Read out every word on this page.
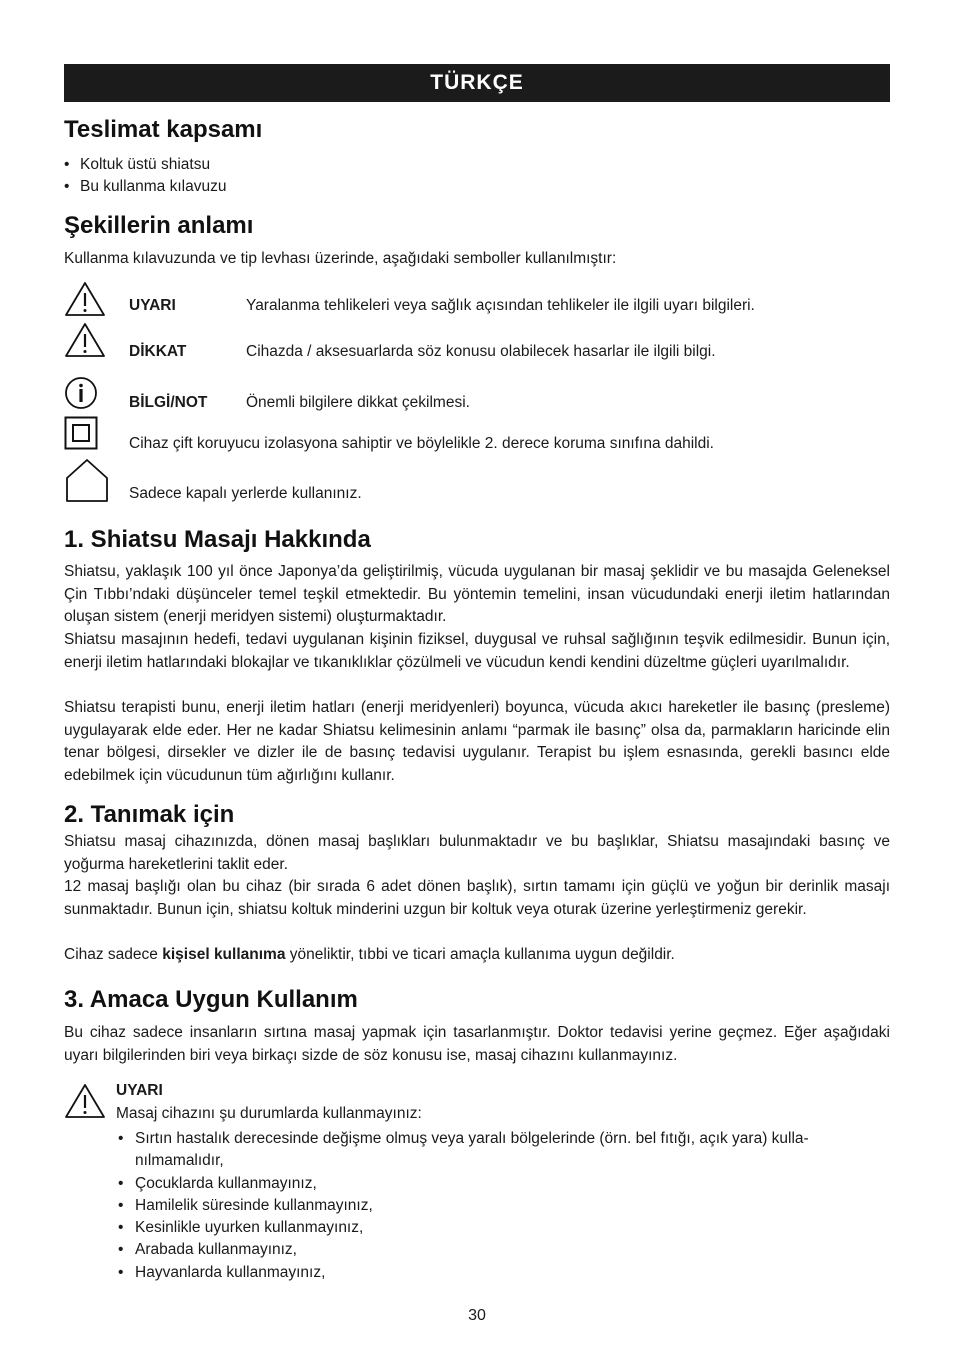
TÜRKÇE
Teslimat kapsamı
• Koltuk üstü shiatsu
• Bu kullanma kılavuzu
Şekillerin anlamı

Kullanma kılavuzunda ve tip levhası üzerinde, aşağıdaki semboller kullanılmıştır:

UYARI	Yaralanma tehlikeleri veya sağlık açısından tehlikeler ile ilgili uyarı bilgileri.
DİKKAT	Cihazda / aksesuarlarda söz konusu olabilecek hasarlar ile ilgili bilgi.
BİLGİ/NOT Önemli bilgilere dikkat çekilmesi.
Cihaz çift koruyucu izolasyona sahiptir ve böylelikle 2. derece koruma sınıfına dahildi.
Sadece kapalı yerlerde kullanınız.
1. Shiatsu Masajı Hakkında

Shiatsu, yaklaşık 100 yıl önce Japonya’da geliştirilmiş, vücuda uygulanan bir masaj şeklidir ve bu masajda Geleneksel Çin Tıbbı’ndaki düşünceler temel teşkil etmektedir. Bu yöntemin temelini, insan vücudundaki enerji iletim hatlarından oluşan sistem (enerji meridyen sistemi) oluşturmaktadır.

Shiatsu masajının hedefi, tedavi uygulanan kişinin fiziksel, duygusal ve ruhsal sağlığının teşvik edilmesidir. Bunun için, enerji iletim hatlarındaki blokajlar ve tıkanıklıklar çözülmeli ve vücudun kendi kendini düzeltme güçleri uyarılmalıdır.

Shiatsu terapisti bunu, enerji iletim hatları (enerji meridyenleri) boyunca, vücuda akıcı hareketler ile basınç (presleme) uygulayarak elde eder. Her ne kadar Shiatsu kelimesinin anlamı “parmak ile basınç” olsa da, parmakların haricinde elin tenar bölgesi, dirsekler ve dizler ile de basınç tedavisi uygulanır. Terapist bu işlem esnasında, gerekli basıncı elde edebilmek için vücudunun tüm ağırlığını kullanır.

2. Tanımak için

Shiatsu masaj cihazınızda, dönen masaj başlıkları bulunmaktadır ve bu başlıklar, Shiatsu masajındaki basınç ve yoğurma hareketlerini taklit eder.

12 masaj başlığı olan bu cihaz (bir sırada 6 adet dönen başlık), sırtın tamamı için güçlü ve yoğun bir derinlik masajı sunmaktadır. Bunun için, shiatsu koltuk minderini uzgun bir koltuk veya oturak üzerine yerleştirmeniz gerekir.

Cihaz sadece kişisel kullanıma yöneliktir, tıbbi ve ticari amaçla kullanıma uygun değildir.

3. Amaca Uygun Kullanım

Bu cihaz sadece insanların sırtına masaj yapmak için tasarlanmıştır. Doktor tedavisi yerine geçmez. Eğer aşağıdaki uyarı bilgilerinden biri veya birkaçı sizde de söz konusu ise, masaj cihazını kullanmayınız.

UYARI
Masaj cihazını şu durumlarda kullanmayınız:
• Sırtın hastalık derecesinde değişme olmuş veya yaralı bölgelerinde (örn. bel fıtığı, açık yara) kulla-nılmamalıdır,
• Çocuklarda kullanmayınız,
• Hamilelik süresinde kullanmayınız,
• Kesinlikle uyurken kullanmayınız,
• Arabada kullanmayınız,
• Hayvanlarda kullanmayınız,
30
